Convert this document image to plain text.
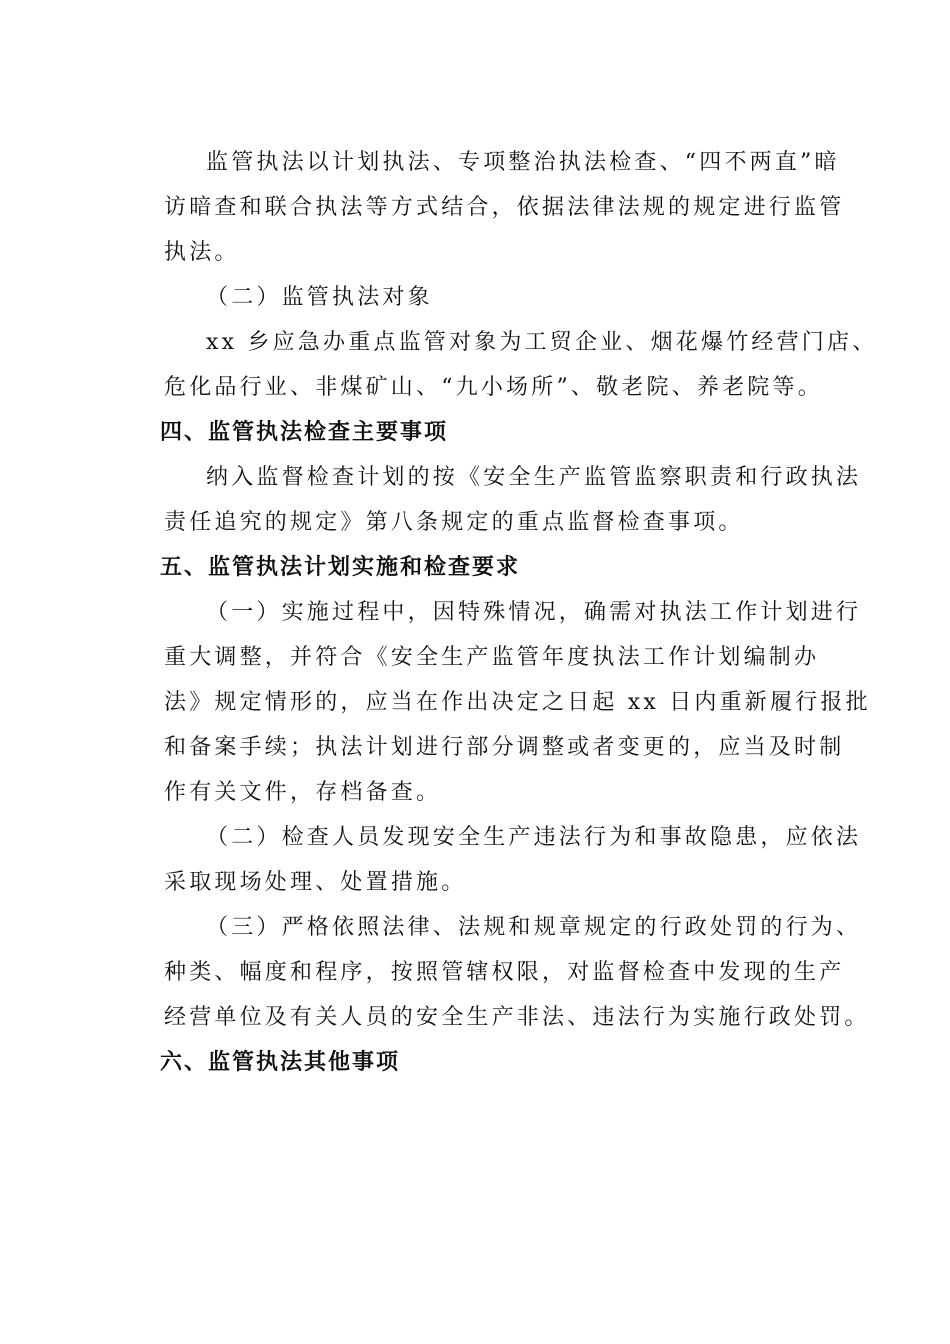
监管执法以计划执法、专项整治执法检查、“四不两直”暗
访暗查和联合执法等方式结合，依据法律法规的规定进行监管
执法。

（二）监管执法对象

xx 乡应急办重点监管对象为工贸企业、烟花爆竹经营门店、
危化品行业、非煤矿山、“九小场所”、敬老院、养老院等。

四、监管执法检查主要事项

纳入监督检查计划的按《安全生产监管监察职责和行政执法
责任追究的规定》第八条规定的重点监督检查事项。

五、监管执法计划实施和检查要求

（一）实施过程中，因特殊情况，确需对执法工作计划进行
重大调整，并符合《安全生产监管年度执法工作计划编制办
法》规定情形的，应当在作出决定之日起 xx 日内重新履行报批
和备案手续；执法计划进行部分调整或者变更的，应当及时制
作有关文件，存档备查。

（二）检查人员发现安全生产违法行为和事故隐患，应依法
采取现场处理、处置措施。

（三）严格依照法律、法规和规章规定的行政处罚的行为、
种类、幅度和程序，按照管辖权限，对监督检查中发现的生产
经营单位及有关人员的安全生产非法、违法行为实施行政处罚。

六、监管执法其他事项
